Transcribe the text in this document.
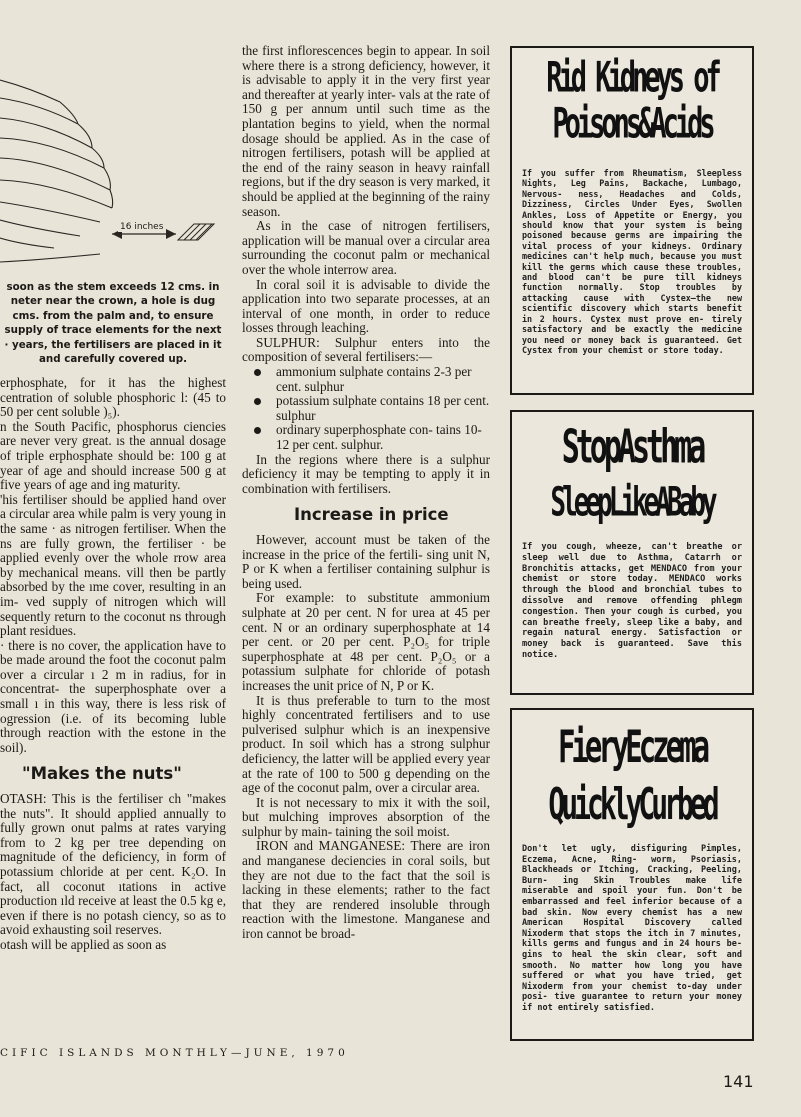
16 inches
soon as the stem exceeds 12 cms. in
neter near the crown, a hole is dug
cms. from the palm and, to ensure
supply of trace elements for the next
· years, the fertilisers are placed in it
and carefully covered up.

erphosphate, for it has the highest centration of soluble phosphoric l: (45 to 50 per cent soluble )₅).

n the South Pacific, phosphorus ciencies are never very great. ıs the annual dosage of triple erphosphate should be: 100 g at year of age and should increase 500 g at five years of age and ing maturity.

'his fertiliser should be applied hand over a circular area while palm is very young in the same · as nitrogen fertiliser. When the ns are fully grown, the fertiliser · be applied evenly over the whole rrow area by mechanical means. vill then be partly absorbed by the ıme cover, resulting in an im- ved supply of nitrogen which will sequently return to the coconut ns through plant residues.

· there is no cover, the application have to be made around the foot the coconut palm over a circular ı 2 m in radius, for in concentrat- the superphosphate over a small ı in this way, there is less risk of ogression (i.e. of its becoming luble through reaction with the estone in the soil).

"Makes the nuts"

OTASH: This is the fertiliser ch "makes the nuts". It should applied annually to fully grown onut palms at rates varying from to 2 kg per tree depending on magnitude of the deficiency, in form of potassium chloride at per cent. K₂O. In fact, all coconut ıtations in active production ıld receive at least the 0.5 kg e, even if there is no potash ciency, so as to avoid exhausting soil reserves.

otash will be applied as soon as

the first inflorescences begin to appear. In soil where there is a strong deficiency, however, it is advisable to apply it in the very first year and thereafter at yearly inter- vals at the rate of 150 g per annum until such time as the plantation begins to yield, when the normal dosage should be applied. As in the case of nitrogen fertilisers, potash will be applied at the end of the rainy season in heavy rainfall regions, but if the dry season is very marked, it should be applied at the beginning of the rainy season.

As in the case of nitrogen fertilisers, application will be manual over a circular area surrounding the coconut palm or mechanical over the whole interrow area.

In coral soil it is advisable to divide the application into two separate processes, at an interval of one month, in order to reduce losses through leaching.

SULPHUR: Sulphur enters into the composition of several fertilisers:—

ammonium sulphate contains 2-3 per cent. sulphur
potassium sulphate contains 18 per cent. sulphur
ordinary superphosphate con- tains 10-12 per cent. sulphur.

In the regions where there is a sulphur deficiency it may be tempting to apply it in combination with fertilisers.

Increase in price

However, account must be taken of the increase in the price of the fertili- sing unit N, P or K when a fertiliser containing sulphur is being used.

For example: to substitute ammonium sulphate at 20 per cent. N for urea at 45 per cent. N or an ordinary superphosphate at 14 per cent. or 20 per cent. P₂O₅ for triple superphosphate at 48 per cent. P₂O₅ or a potassium sulphate for chloride of potash increases the unit price of N, P or K.

It is thus preferable to turn to the most highly concentrated fertilisers and to use pulverised sulphur which is an inexpensive product. In soil which has a strong sulphur deficiency, the latter will be applied every year at the rate of 100 to 500 g depending on the age of the coconut palm, over a circular area.

It is not necessary to mix it with the soil, but mulching improves absorption of the sulphur by main- taining the soil moist.

IRON and MANGANESE: There are iron and manganese deciencies in coral soils, but they are not due to the fact that the soil is lacking in these elements; rather to the fact that they are rendered insoluble through reaction with the limestone. Manganese and iron cannot be broad-

Rid Kidneys of
Poisons&Acids
If you suffer from Rheumatism, Sleepless Nights, Leg Pains, Backache, Lumbago, Nervous- ness, Headaches and Colds, Dizziness, Circles Under Eyes, Swollen Ankles, Loss of Appetite or Energy, you should know that your system is being poisoned because germs are impairing the vital process of your kidneys. Ordinary medicines can't help much, because you must kill the germs which cause these troubles, and blood can't be pure till kidneys function normally. Stop troubles by attacking cause with Cystex—the new scientific discovery which starts benefit in 2 hours. Cystex must prove en- tirely satisfactory and be exactly the medicine you need or money back is guaranteed. Get Cystex from your chemist or store today.
StopAsthma
SleepLikeABaby
If you cough, wheeze, can't breathe or sleep well due to Asthma, Catarrh or Bronchitis attacks, get MENDACO from your chemist or store today. MENDACO works through the blood and bronchial tubes to dissolve and remove offending phlegm congestion. Then your cough is curbed, you can breathe freely, sleep like a baby, and regain natural energy. Satisfaction or money back is guaranteed. Save this notice.
FieryEczema
QuicklyCurbed
Don't let ugly, disfiguring Pimples, Eczema, Acne, Ring- worm, Psoriasis, Blackheads or Itching, Cracking, Peeling, Burn- ing Skin Troubles make life miserable and spoil your fun. Don't be embarrassed and feel inferior because of a bad skin. Now every chemist has a new American Hospital Discovery called Nixoderm that stops the itch in 7 minutes, kills germs and fungus and in 24 hours be- gins to heal the skin clear, soft and smooth. No matter how long you have suffered or what you have tried, get Nixoderm from your chemist to-day under posi- tive guarantee to return your money if not entirely satisfied.
CIFIC ISLANDS MONTHLY—JUNE, 1970
141
